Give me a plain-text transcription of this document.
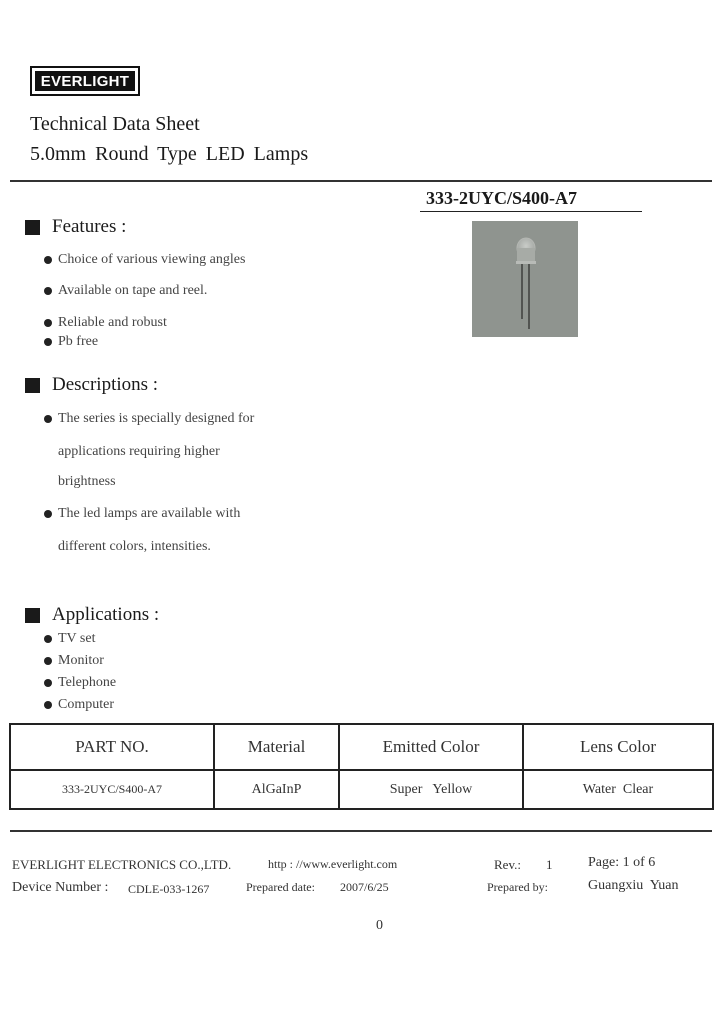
EVERLIGHT
Technical Data Sheet
5.0mm Round Type LED Lamps
333-2UYC/S400-A7
Features :
Choice of various viewing angles
Available on tape and reel.
Reliable and robust
Pb free
Descriptions :
The series is specially designed for
applications requiring higher
brightness
The led lamps are available with
different colors, intensities.
Applications :
TV set
Monitor
Telephone
Computer
PART NO.	Material	Emitted Color	Lens Color
333-2UYC/S400-A7	AlGaInP	Super   Yellow	Water  Clear
EVERLIGHT ELECTRONICS CO.,LTD.	http : //www.everlight.com	Rev.: 1	Page: 1 of 6
Device Number : CDLE-033-1267	Prepared date: 2007/6/25	Prepared by:	Guangxiu  Yuan
0
